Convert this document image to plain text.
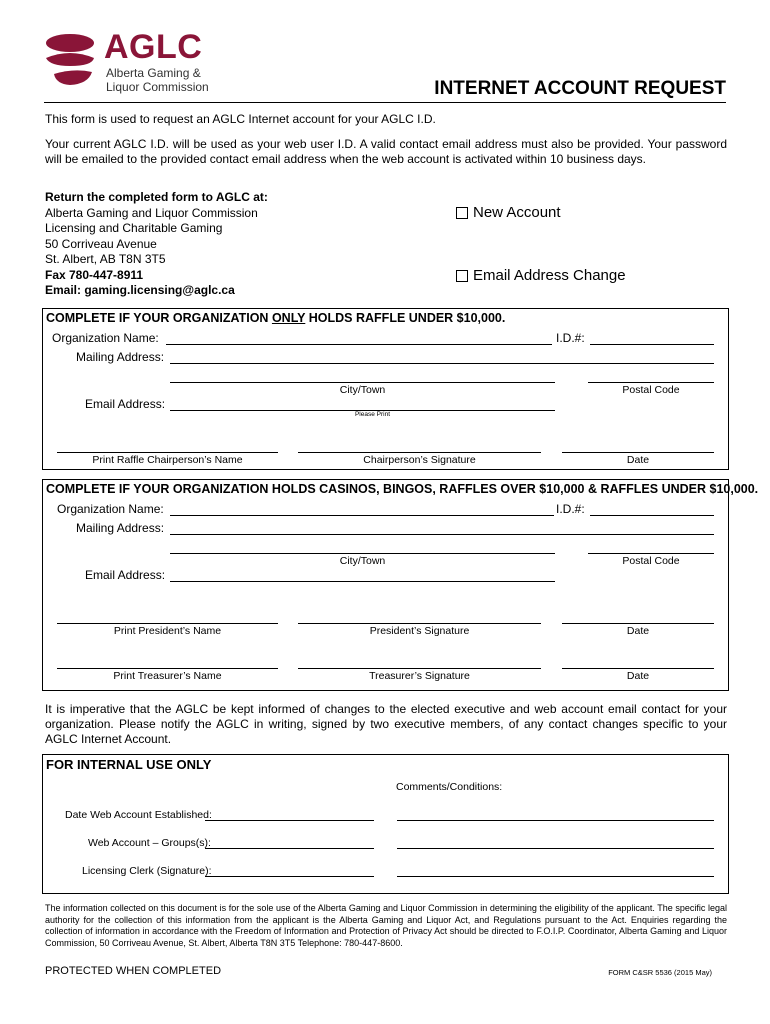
AGLC
Alberta Gaming &
Liquor Commission	INTERNET ACCOUNT REQUEST

This form is used to request an AGLC Internet account for your AGLC I.D.

Your current AGLC I.D. will be used as your web user I.D. A valid contact email address must also be provided. Your password will be emailed to the provided contact email address when the web account is activated within 10 business days.

Return the completed form to AGLC at:
Alberta Gaming and Liquor Commission
Licensing and Charitable Gaming
50 Corriveau Avenue
St. Albert, AB T8N 3T5
Fax 780-447-8911
Email: gaming.licensing@aglc.ca
New Account
Email Address Change
COMPLETE IF YOUR ORGANIZATION ONLY HOLDS RAFFLE UNDER $10,000.
Organization Name:	I.D.#:
Mailing Address:
City/Town	Postal Code
Email Address:
Please Print
Print Raffle Chairperson’s Name	Chairperson’s Signature	Date
COMPLETE IF YOUR ORGANIZATION HOLDS CASINOS, BINGOS, RAFFLES OVER $10,000 & RAFFLES UNDER $10,000.
Organization Name:	I.D.#:
Mailing Address:
City/Town	Postal Code
Email Address:
Print President’s Name	President’s Signature	Date
Print Treasurer’s Name	Treasurer’s Signature	Date

It is imperative that the AGLC be kept informed of changes to the elected executive and web account email contact for your organization. Please notify the AGLC in writing, signed by two executive members, of any contact changes specific to your AGLC Internet Account.

FOR INTERNAL USE ONLY
Comments/Conditions:
Date Web Account Established:
Web Account – Groups(s):
Licensing Clerk (Signature):

The information collected on this document is for the sole use of the Alberta Gaming and Liquor Commission in determining the eligibility of the applicant. The specific legal authority for the collection of this information from the applicant is the Alberta Gaming and Liquor Act, and Regulations pursuant to the Act. Enquiries regarding the collection of information in accordance with the Freedom of Information and Protection of Privacy Act should be directed to F.O.I.P. Coordinator, Alberta Gaming and Liquor Commission, 50 Corriveau Avenue, St. Albert, Alberta T8N 3T5 Telephone: 780-447-8600.

PROTECTED WHEN COMPLETED	FORM C&SR 5536 (2015 May)
